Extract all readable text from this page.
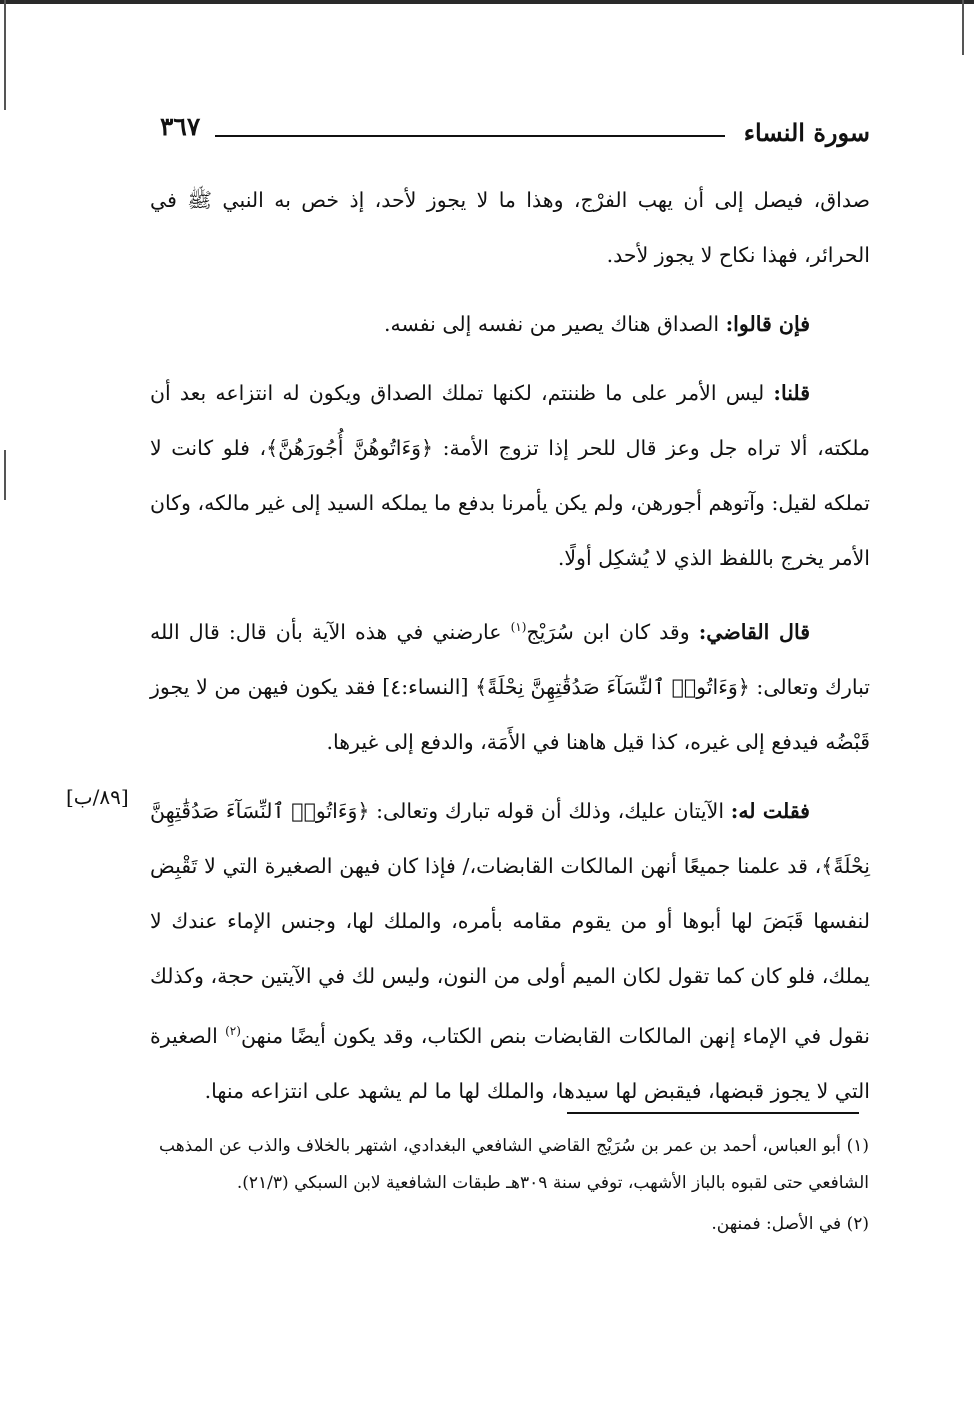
سورة النساء
٣٦٧

صداق، فيصل إلى أن يهب الفرْج، وهذا ما لا يجوز لأحد، إذ خص به النبي ﷺ في الحرائر، فهذا نكاح لا يجوز لأحد.

فإن قالوا: الصداق هناك يصير من نفسه إلى نفسه.

قلنا: ليس الأمر على ما ظننتم، لكنها تملك الصداق ويكون له انتزاعه بعد أن ملكته، ألا تراه جل وعز قال للحر إذا تزوج الأمة: ﴿وَءَاتُوهُنَّ أُجُورَهُنَّ﴾، فلو كانت لا تملكه لقيل: وآتوهم أجورهن، ولم يكن يأمرنا بدفع ما يملكه السيد إلى غير مالكه، وكان الأمر يخرج باللفظ الذي لا يُشكِل أولًا.

قال القاضي: وقد كان ابن سُرَيْج$^{(١)}$ عارضني في هذه الآية بأن قال: قال الله تبارك وتعالى: ﴿وَءَاتُوا۟ ٱلنِّسَآءَ صَدُقَٰتِهِنَّ نِحْلَةً﴾ [النساء:٤] فقد يكون فيهن من لا يجوز قَبْضُه فيدفع إلى غيره، كذا قيل هاهنا في الأَمَة، والدفع إلى غيرها.

فقلت له: الآيتان عليك، وذلك أن قوله تبارك وتعالى: ﴿وَءَاتُوا۟ ٱلنِّسَآءَ صَدُقَٰتِهِنَّ نِحْلَةً﴾، قد علمنا جميعًا أنهن المالكات القابضات،/ فإذا كان فيهن الصغيرة التي لا تَقْبِض لنفسها قَبَضَ لها أبوها أو من يقوم مقامه بأمره، والملك لها، وجنس الإماء عندك لا يملك، فلو كان كما تقول لكان الميم أولى من النون، وليس لك في الآيتين حجة، وكذلك نقول في الإماء إنهن المالكات القابضات بنص الكتاب، وقد يكون أيضًا منهن$^{(٢)}$ الصغيرة التي لا يجوز قبضها، فيقبض لها سيدها، والملك لها ما لم يشهد على انتزاعه منها.

[٨٩/ب]

(١) أبو العباس، أحمد بن عمر بن سُرَيْج القاضي الشافعي البغدادي، اشتهر بالخلاف والذب عن المذهب الشافعي حتى لقبوه بالباز الأشهب، توفي سنة ٣٠٩هـ طبقات الشافعية لابن السبكي (٢١/٣).

(٢) في الأصل: فمنهن.
